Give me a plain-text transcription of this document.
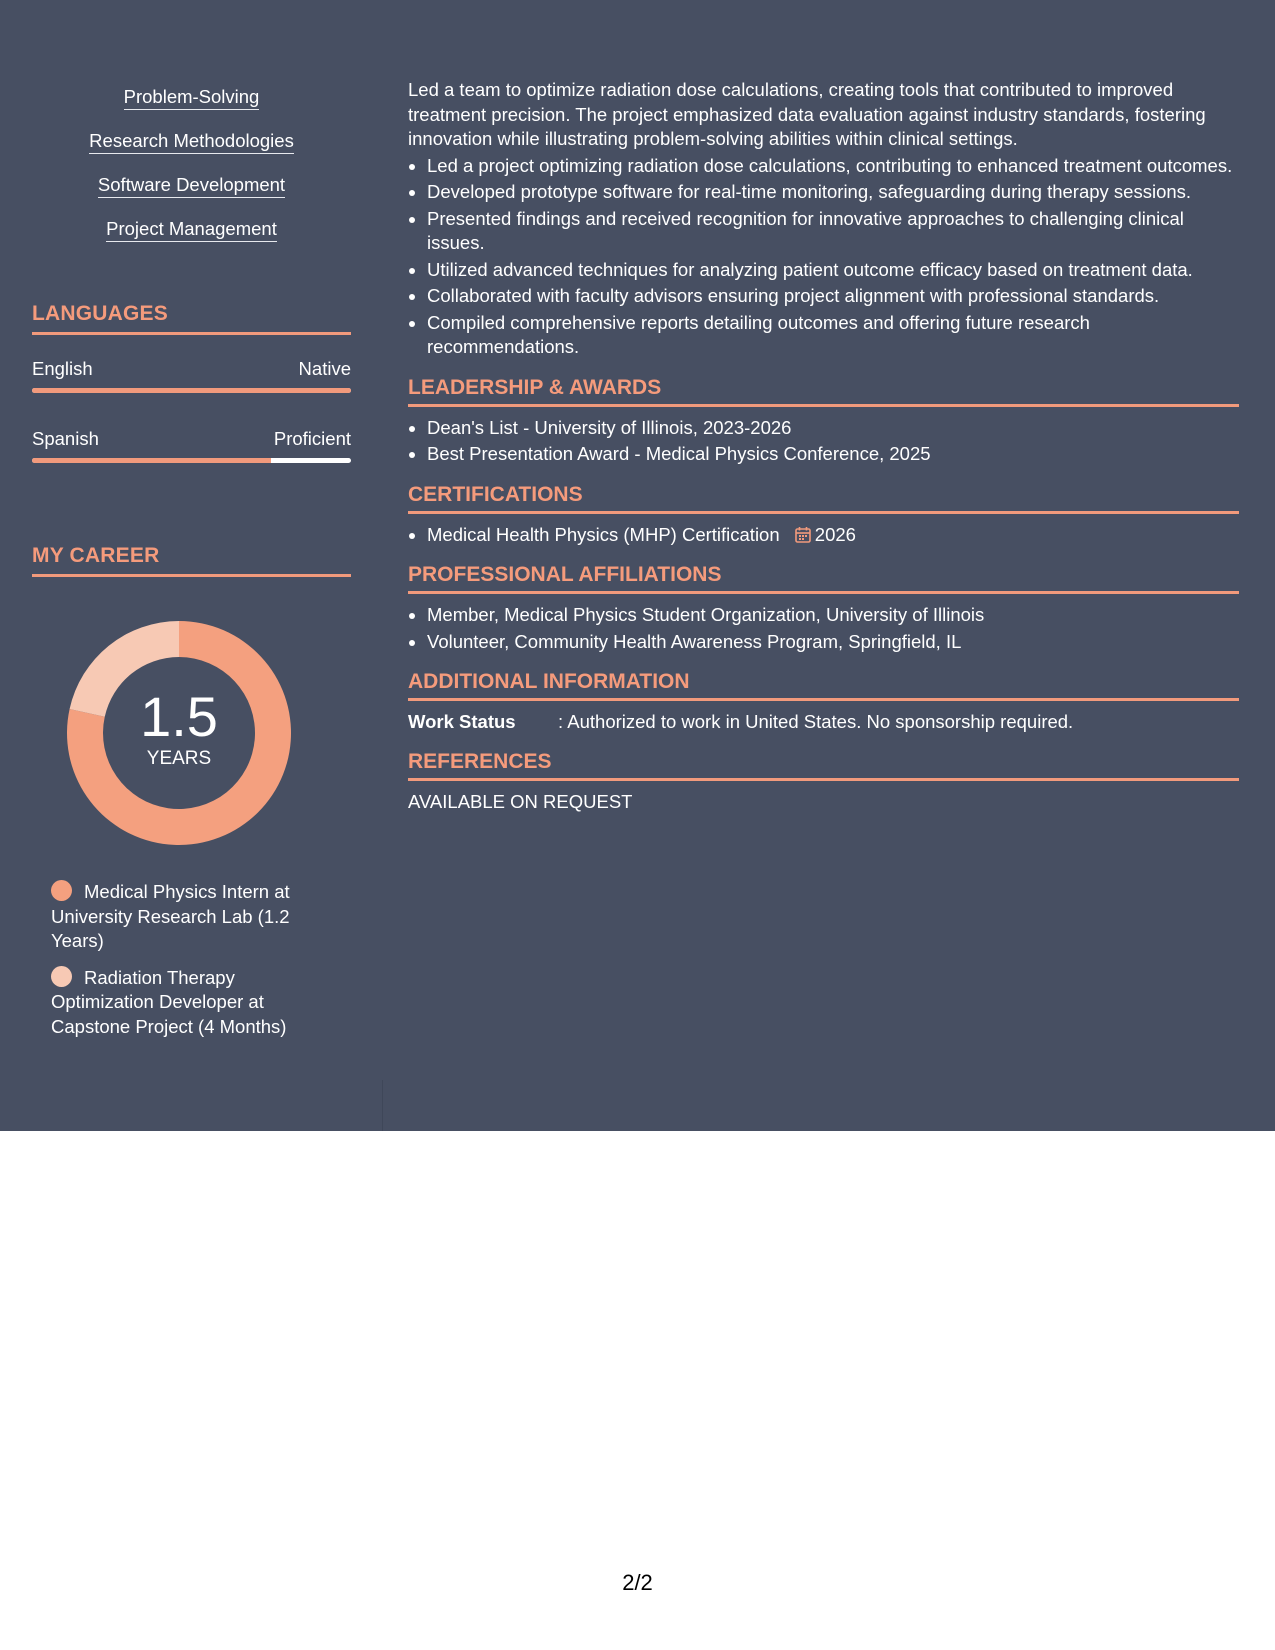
Problem-Solving
Research Methodologies
Software Development
Project Management
LANGUAGES
English	Native
Spanish	Proficient
MY CAREER
1.5
YEARS
Medical Physics Intern at University Research Lab (1.2 Years)
Radiation Therapy Optimization Developer at Capstone Project (4 Months)

Led a team to optimize radiation dose calculations, creating tools that contributed to improved treatment precision. The project emphasized data evaluation against industry standards, fostering innovation while illustrating problem-solving abilities within clinical settings.

• Led a project optimizing radiation dose calculations, contributing to enhanced treatment outcomes.
• Developed prototype software for real-time monitoring, safeguarding during therapy sessions.
• Presented findings and received recognition for innovative approaches to challenging clinical issues.
• Utilized advanced techniques for analyzing patient outcome efficacy based on treatment data.
• Collaborated with faculty advisors ensuring project alignment with professional standards.
• Compiled comprehensive reports detailing outcomes and offering future research recommendations.
LEADERSHIP & AWARDS
• Dean's List - University of Illinois, 2023-2026
• Best Presentation Award - Medical Physics Conference, 2025
CERTIFICATIONS
• Medical Health Physics (MHP) Certification 2026
PROFESSIONAL AFFILIATIONS
• Member, Medical Physics Student Organization, University of Illinois
• Volunteer, Community Health Awareness Program, Springfield, IL
ADDITIONAL INFORMATION
Work Status	: Authorized to work in United States. No sponsorship required.
REFERENCES
AVAILABLE ON REQUEST
2/2
